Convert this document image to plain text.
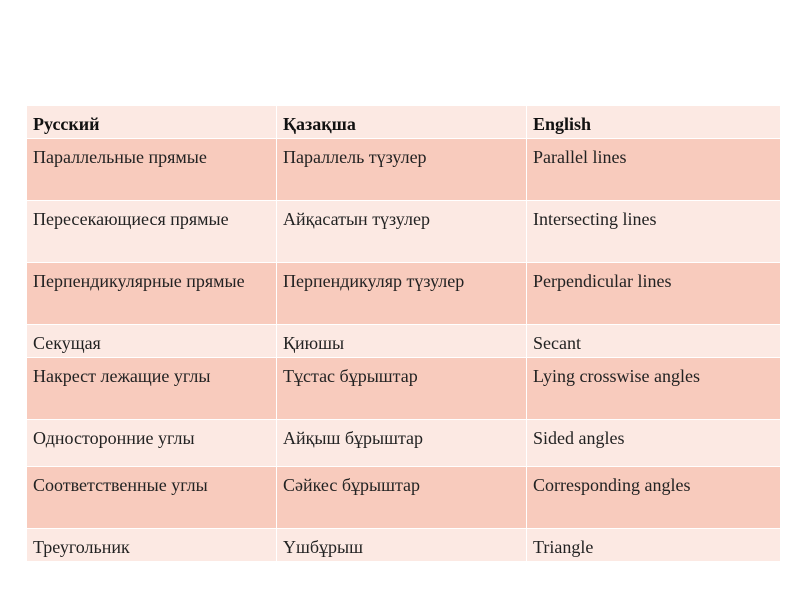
Русский	Қазақша	English
Параллельные прямые	Параллель түзулер	Parallel lines
Пересекающиеся прямые	Айқасатын түзулер	Intersecting lines
Перпендикулярные прямые	Перпендикуляр түзулер	Perpendicular lines
Секущая	Қиюшы	Secant
Накрест лежащие углы	Тұстас бұрыштар	Lying crosswise angles
Односторонние углы	Айқыш бұрыштар	Sided angles
Соответственные углы	Сәйкес бұрыштар	Corresponding angles
Треугольник	Үшбұрыш	Triangle
